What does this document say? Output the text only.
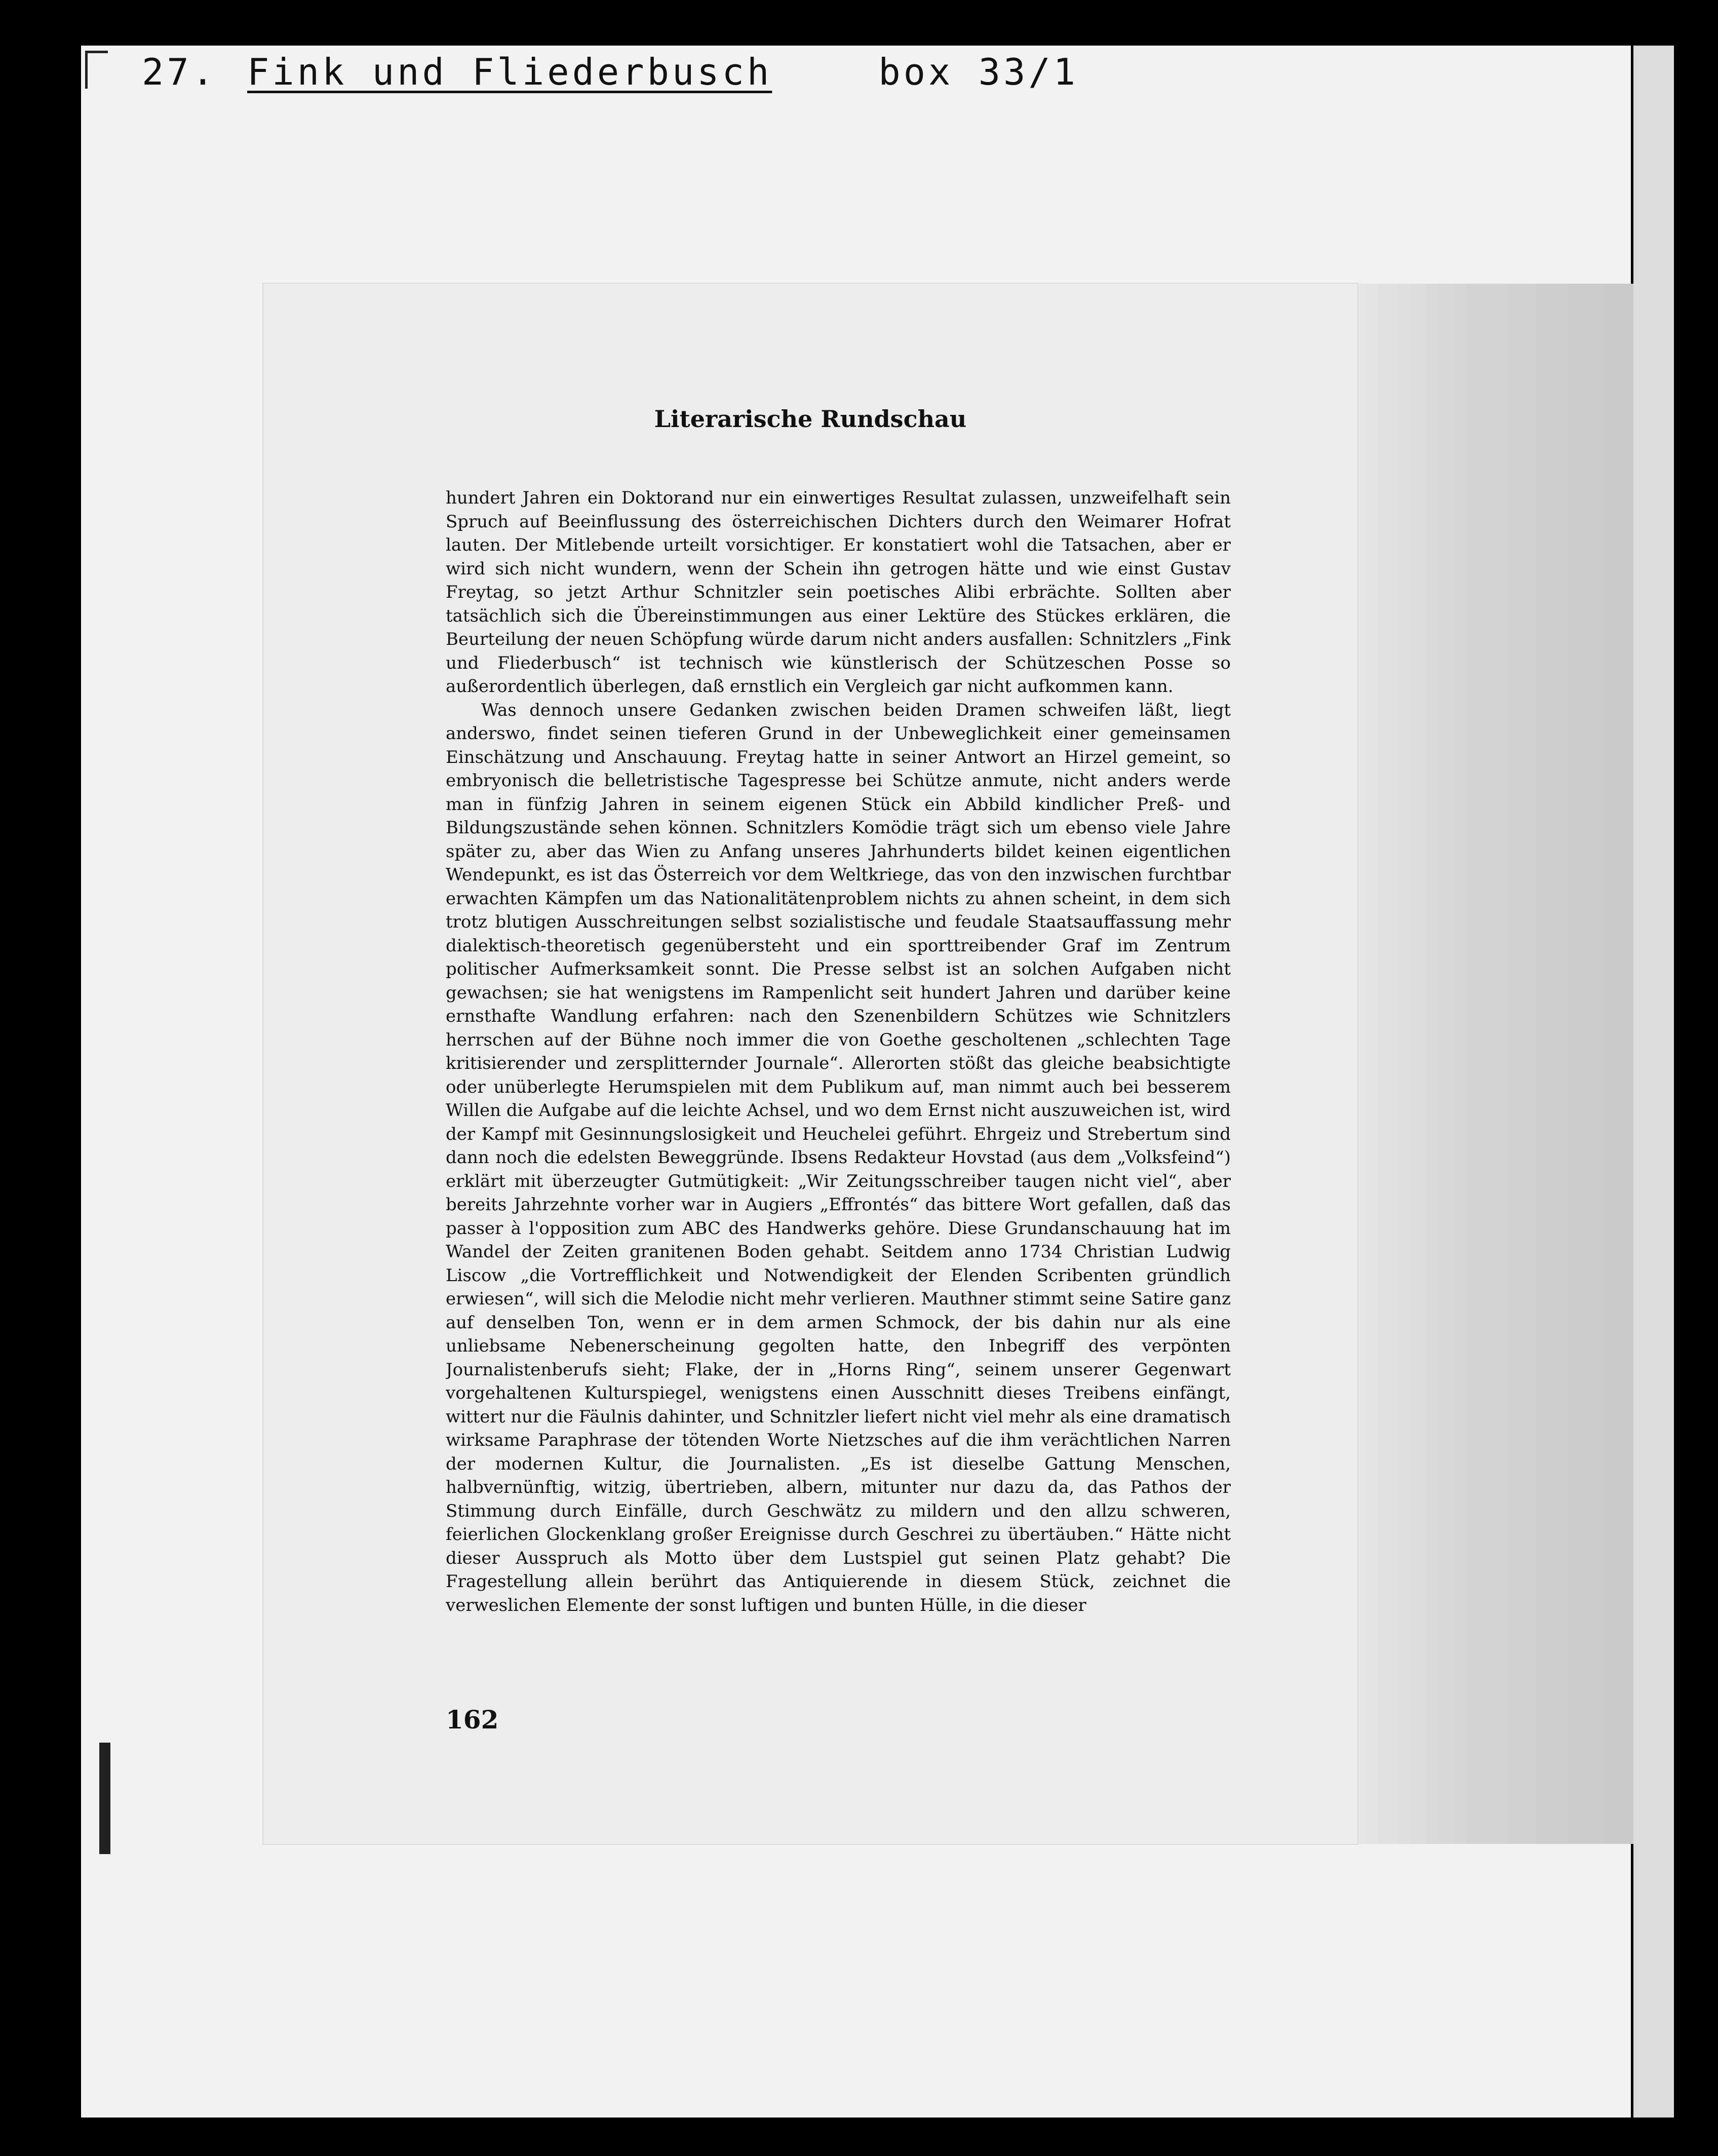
27. Fink und Fliederbusch	box 33/1
Literarische Rundschau

hundert Jahren ein Doktorand nur ein einwertiges Resultat zulassen, unzweifelhaft sein Spruch auf Beeinflussung des österreichischen Dichters durch den Weimarer Hofrat lauten. Der Mitlebende urteilt vorsichtiger. Er konstatiert wohl die Tatsachen, aber er wird sich nicht wundern, wenn der Schein ihn getrogen hätte und wie einst Gustav Freytag, so jetzt Arthur Schnitzler sein poetisches Alibi erbrächte. Sollten aber tatsächlich sich die Übereinstimmungen aus einer Lektüre des Stückes erklären, die Beurteilung der neuen Schöpfung würde darum nicht anders ausfallen: Schnitzlers „Fink und Fliederbusch“ ist technisch wie künstlerisch der Schützeschen Posse so außerordentlich überlegen, daß ernstlich ein Vergleich gar nicht aufkommen kann.

Was dennoch unsere Gedanken zwischen beiden Dramen schweifen läßt, liegt anderswo, findet seinen tieferen Grund in der Unbeweglichkeit einer gemeinsamen Einschätzung und Anschauung. Freytag hatte in seiner Antwort an Hirzel gemeint, so embryonisch die belletristische Tagespresse bei Schütze anmute, nicht anders werde man in fünfzig Jahren in seinem eigenen Stück ein Abbild kindlicher Preß- und Bildungszustände sehen können. Schnitzlers Komödie trägt sich um ebenso viele Jahre später zu, aber das Wien zu Anfang unseres Jahrhunderts bildet keinen eigentlichen Wendepunkt, es ist das Österreich vor dem Weltkriege, das von den inzwischen furchtbar erwachten Kämpfen um das Nationalitätenproblem nichts zu ahnen scheint, in dem sich trotz blutigen Ausschreitungen selbst sozialistische und feudale Staatsauffassung mehr dialektisch-theoretisch gegenübersteht und ein sporttreibender Graf im Zentrum politischer Aufmerksamkeit sonnt. Die Presse selbst ist an solchen Aufgaben nicht gewachsen; sie hat wenigstens im Rampenlicht seit hundert Jahren und darüber keine ernsthafte Wandlung erfahren: nach den Szenenbildern Schützes wie Schnitzlers herrschen auf der Bühne noch immer die von Goethe gescholtenen „schlechten Tage kritisierender und zersplitternder Journale“. Allerorten stößt das gleiche beabsichtigte oder unüberlegte Herumspielen mit dem Publikum auf, man nimmt auch bei besserem Willen die Aufgabe auf die leichte Achsel, und wo dem Ernst nicht auszuweichen ist, wird der Kampf mit Gesinnungslosigkeit und Heuchelei geführt. Ehrgeiz und Strebertum sind dann noch die edelsten Beweggründe. Ibsens Redakteur Hovstad (aus dem „Volksfeind“) erklärt mit überzeugter Gutmütigkeit: „Wir Zeitungsschreiber taugen nicht viel“, aber bereits Jahrzehnte vorher war in Augiers „Effrontés“ das bittere Wort gefallen, daß das passer à l'opposition zum ABC des Handwerks gehöre. Diese Grundanschauung hat im Wandel der Zeiten granitenen Boden gehabt. Seitdem anno 1734 Christian Ludwig Liscow „die Vortrefflichkeit und Notwendigkeit der Elenden Scribenten gründlich erwiesen“, will sich die Melodie nicht mehr verlieren. Mauthner stimmt seine Satire ganz auf denselben Ton, wenn er in dem armen Schmock, der bis dahin nur als eine unliebsame Nebenerscheinung gegolten hatte, den Inbegriff des verpönten Journalistenberufs sieht; Flake, der in „Horns Ring“, seinem unserer Gegenwart vorgehaltenen Kulturspiegel, wenigstens einen Ausschnitt dieses Treibens einfängt, wittert nur die Fäulnis dahinter, und Schnitzler liefert nicht viel mehr als eine dramatisch wirksame Paraphrase der tötenden Worte Nietzsches auf die ihm verächtlichen Narren der modernen Kultur, die Journalisten. „Es ist dieselbe Gattung Menschen, halbvernünftig, witzig, übertrieben, albern, mitunter nur dazu da, das Pathos der Stimmung durch Einfälle, durch Geschwätz zu mildern und den allzu schweren, feierlichen Glockenklang großer Ereignisse durch Geschrei zu übertäuben.“ Hätte nicht dieser Ausspruch als Motto über dem Lustspiel gut seinen Platz gehabt? Die Fragestellung allein berührt das Antiquierende in diesem Stück, zeichnet die verweslichen Elemente der sonst luftigen und bunten Hülle, in die dieser

162
